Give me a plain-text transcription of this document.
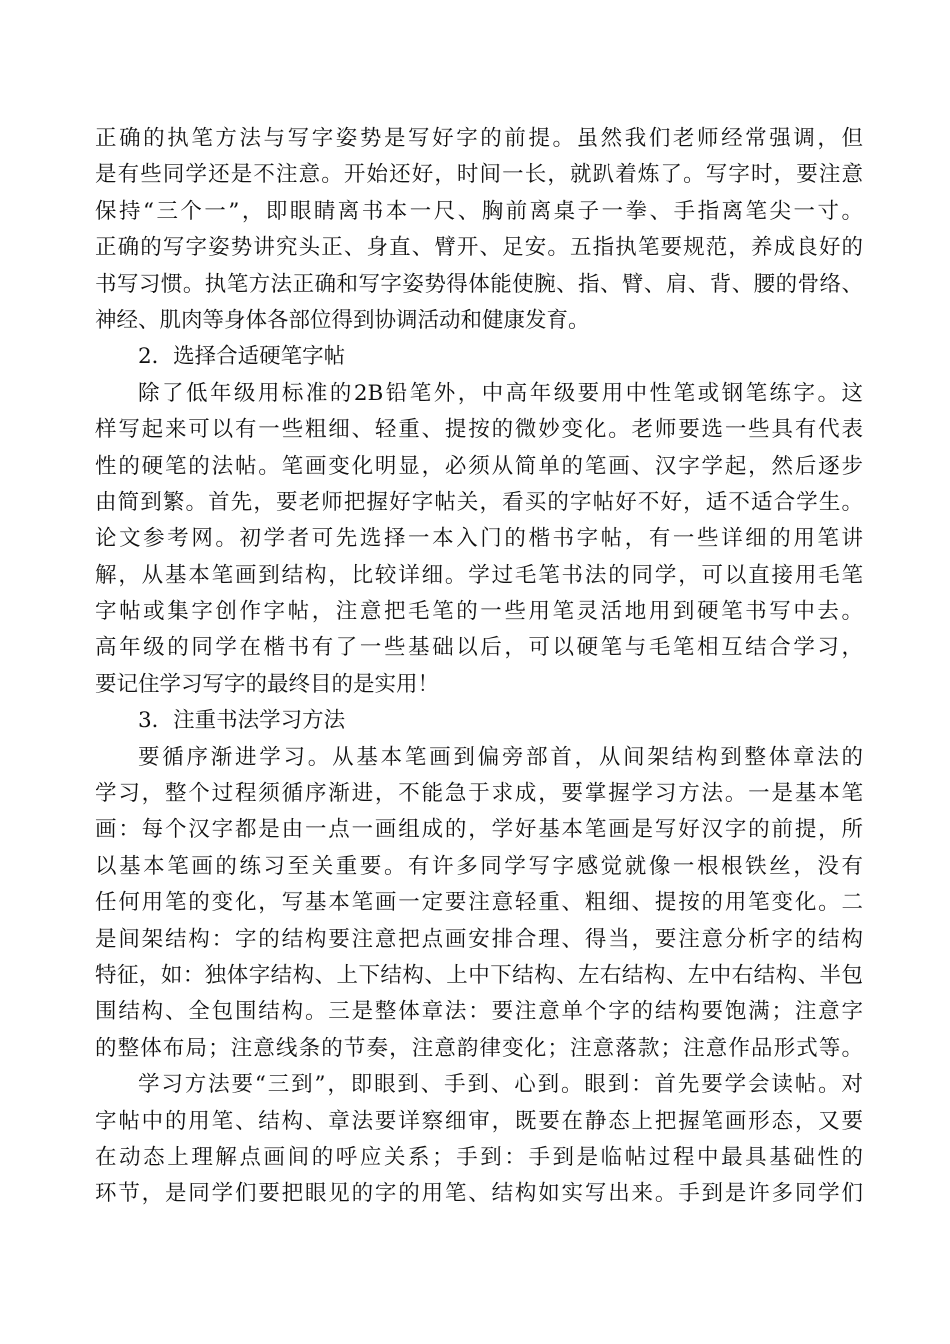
正确的执笔方法与写字姿势是写好字的前提。虽然我们老师经常强调，但
是有些同学还是不注意。开始还好，时间一长，就趴着炼了。写字时，要注意
保持“三个一”，即眼睛离书本一尺、胸前离桌子一拳、手指离笔尖一寸。
正确的写字姿势讲究头正、身直、臂开、足安。五指执笔要规范，养成良好的
书写习惯。执笔方法正确和写字姿势得体能使腕、指、臂、肩、背、腰的骨络、
神经、肌肉等身体各部位得到协调活动和健康发育。
2．选择合适硬笔字帖
除了低年级用标准的2B铅笔外，中高年级要用中性笔或钢笔练字。这
样写起来可以有一些粗细、轻重、提按的微妙变化。老师要选一些具有代表
性的硬笔的法帖。笔画变化明显，必须从简单的笔画、汉字学起，然后逐步
由简到繁。首先，要老师把握好字帖关，看买的字帖好不好，适不适合学生。
论文参考网。初学者可先选择一本入门的楷书字帖，有一些详细的用笔讲
解，从基本笔画到结构，比较详细。学过毛笔书法的同学，可以直接用毛笔
字帖或集字创作字帖，注意把毛笔的一些用笔灵活地用到硬笔书写中去。
高年级的同学在楷书有了一些基础以后，可以硬笔与毛笔相互结合学习，
要记住学习写字的最终目的是实用！
3．注重书法学习方法
要循序渐进学习。从基本笔画到偏旁部首，从间架结构到整体章法的
学习，整个过程须循序渐进，不能急于求成，要掌握学习方法。一是基本笔
画：每个汉字都是由一点一画组成的，学好基本笔画是写好汉字的前提，所
以基本笔画的练习至关重要。有许多同学写字感觉就像一根根铁丝，没有
任何用笔的变化，写基本笔画一定要注意轻重、粗细、提按的用笔变化。二
是间架结构：字的结构要注意把点画安排合理、得当，要注意分析字的结构
特征，如：独体字结构、上下结构、上中下结构、左右结构、左中右结构、半包
围结构、全包围结构。三是整体章法：要注意单个字的结构要饱满；注意字
的整体布局；注意线条的节奏，注意韵律变化；注意落款；注意作品形式等。
学习方法要“三到”，即眼到、手到、心到。眼到：首先要学会读帖。对
字帖中的用笔、结构、章法要详察细审，既要在静态上把握笔画形态，又要
在动态上理解点画间的呼应关系；手到：手到是临帖过程中最具基础性的
环节，是同学们要把眼见的字的用笔、结构如实写出来。手到是许多同学们
